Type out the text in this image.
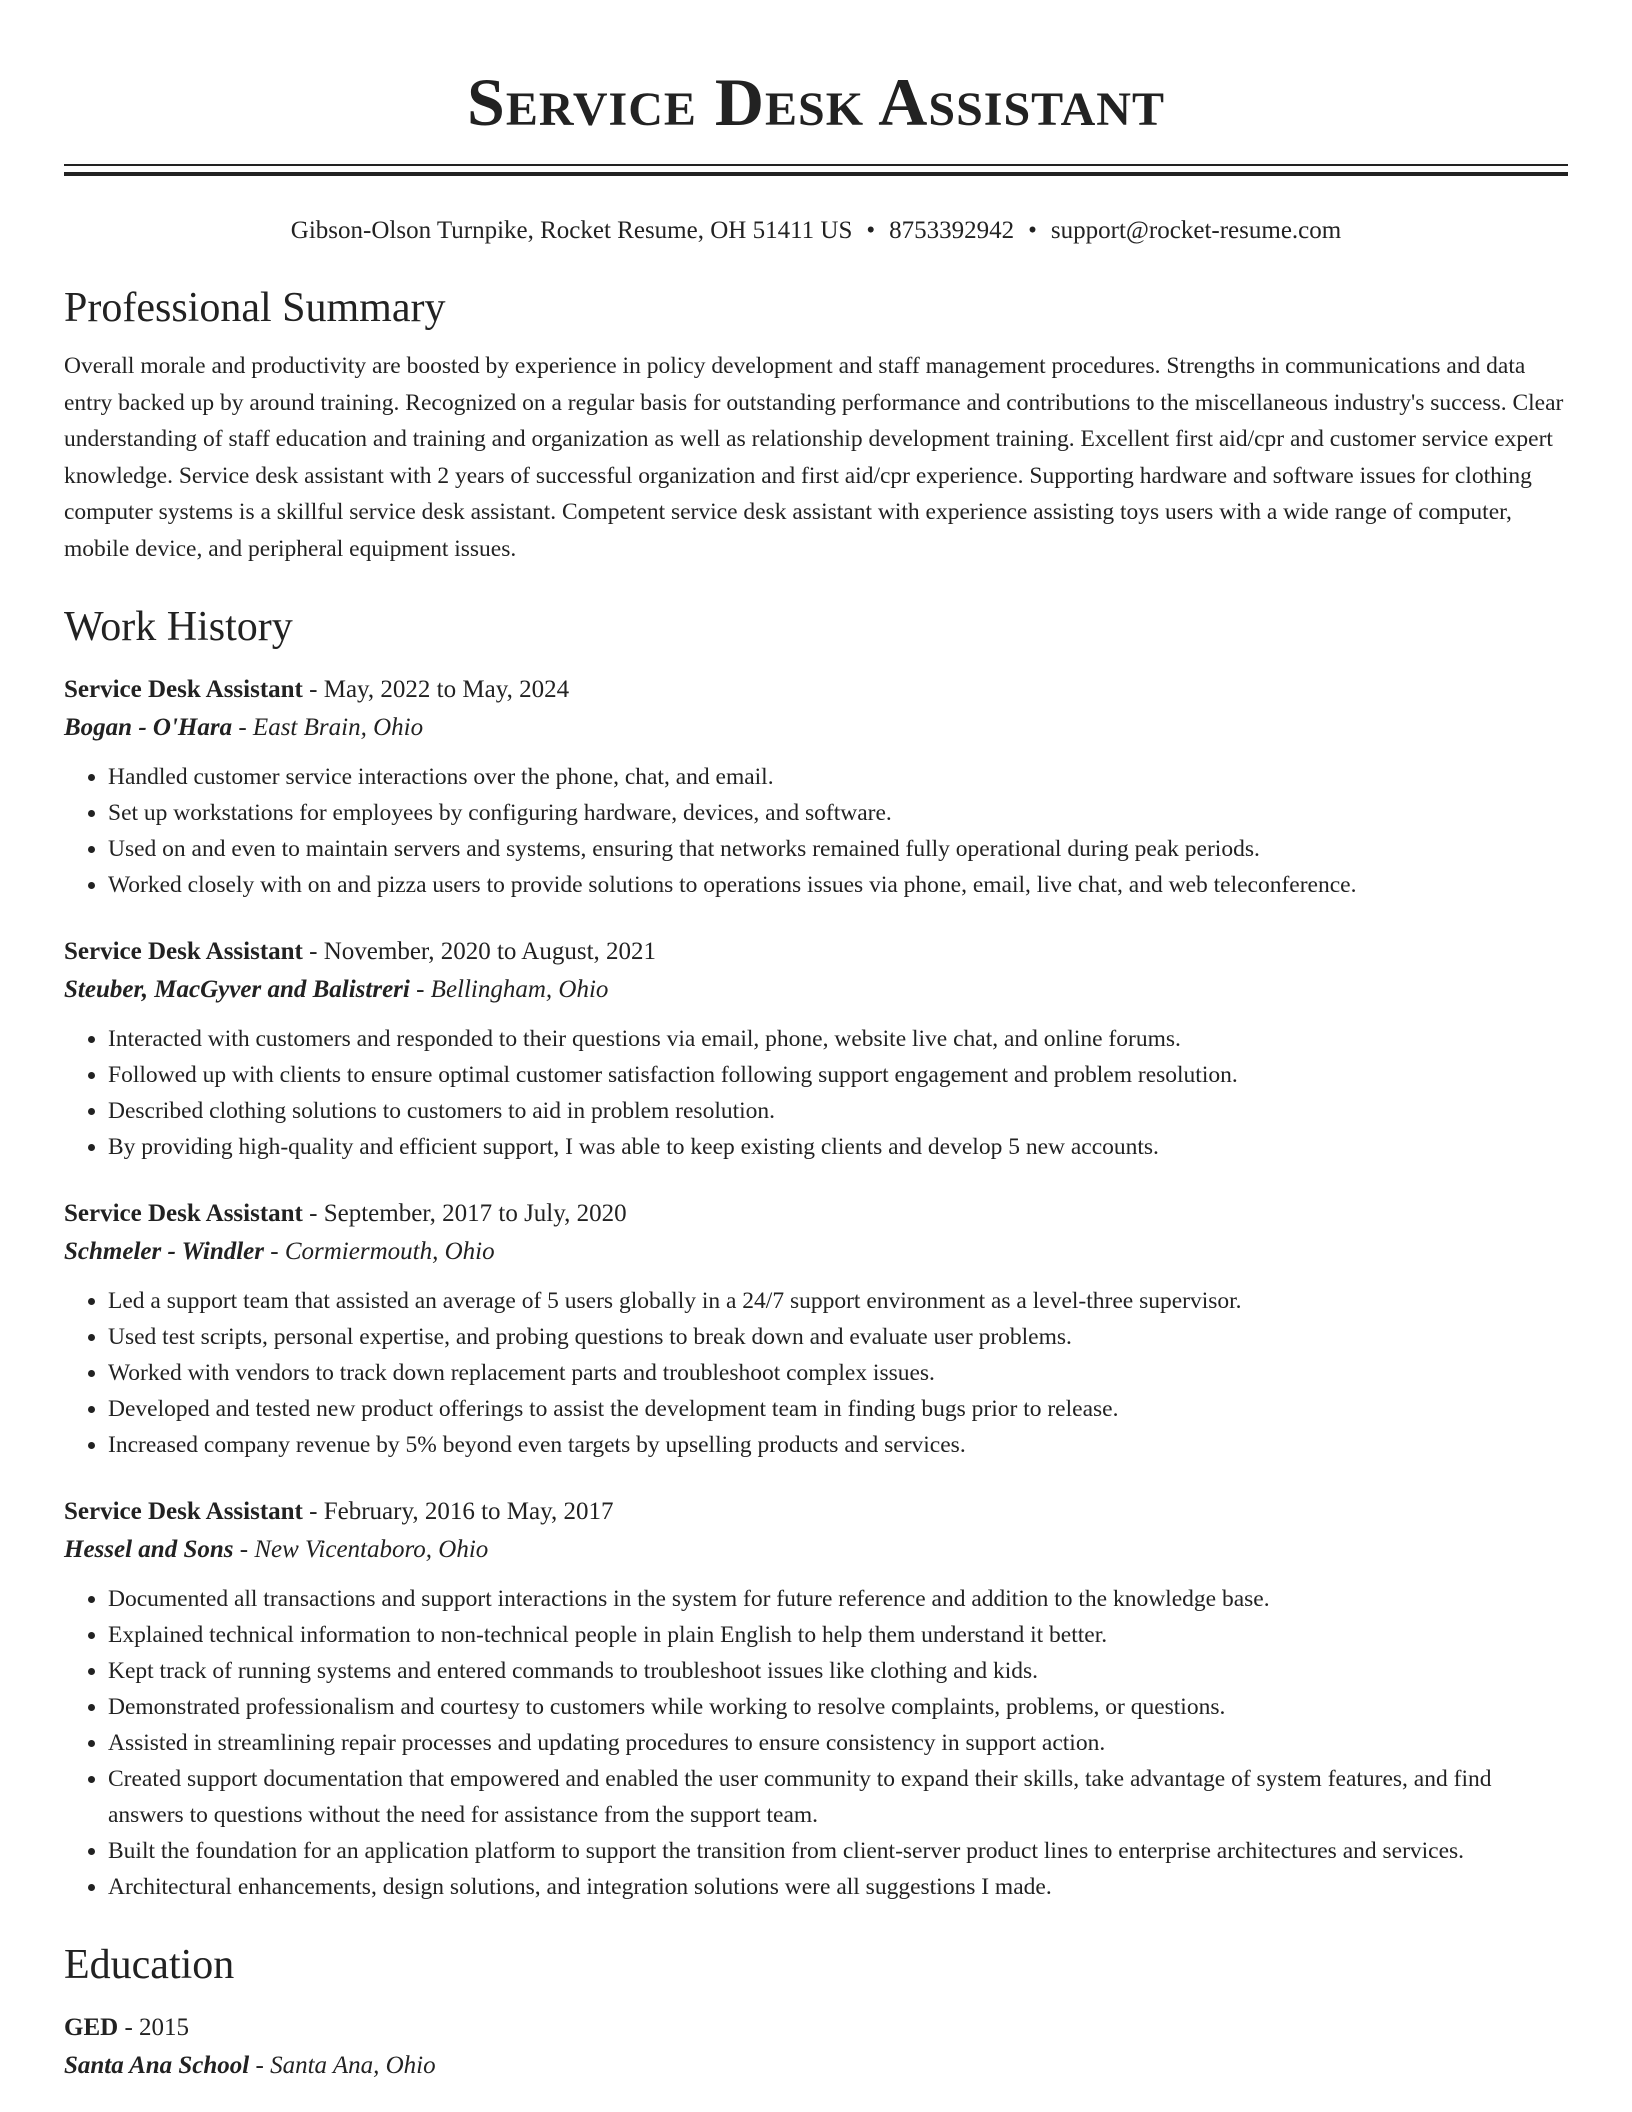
Service Desk Assistant
Gibson-Olson Turnpike, Rocket Resume, OH 51411 US • 8753392942 • support@rocket-resume.com
Professional Summary

Overall morale and productivity are boosted by experience in policy development and staff management procedures. Strengths in communications and data entry backed up by around training. Recognized on a regular basis for outstanding performance and contributions to the miscellaneous industry's success. Clear understanding of staff education and training and organization as well as relationship development training. Excellent first aid/cpr and customer service expert knowledge. Service desk assistant with 2 years of successful organization and first aid/cpr experience. Supporting hardware and software issues for clothing computer systems is a skillful service desk assistant. Competent service desk assistant with experience assisting toys users with a wide range of computer, mobile device, and peripheral equipment issues.

Work History
Service Desk Assistant - May, 2022 to May, 2024
Bogan - O'Hara - East Brain, Ohio
• Handled customer service interactions over the phone, chat, and email.
• Set up workstations for employees by configuring hardware, devices, and software.
• Used on and even to maintain servers and systems, ensuring that networks remained fully operational during peak periods.
• Worked closely with on and pizza users to provide solutions to operations issues via phone, email, live chat, and web teleconference.
Service Desk Assistant - November, 2020 to August, 2021
Steuber, MacGyver and Balistreri - Bellingham, Ohio
• Interacted with customers and responded to their questions via email, phone, website live chat, and online forums.
• Followed up with clients to ensure optimal customer satisfaction following support engagement and problem resolution.
• Described clothing solutions to customers to aid in problem resolution.
• By providing high-quality and efficient support, I was able to keep existing clients and develop 5 new accounts.
Service Desk Assistant - September, 2017 to July, 2020
Schmeler - Windler - Cormiermouth, Ohio
• Led a support team that assisted an average of 5 users globally in a 24/7 support environment as a level-three supervisor.
• Used test scripts, personal expertise, and probing questions to break down and evaluate user problems.
• Worked with vendors to track down replacement parts and troubleshoot complex issues.
• Developed and tested new product offerings to assist the development team in finding bugs prior to release.
• Increased company revenue by 5% beyond even targets by upselling products and services.
Service Desk Assistant - February, 2016 to May, 2017
Hessel and Sons - New Vicentaboro, Ohio
• Documented all transactions and support interactions in the system for future reference and addition to the knowledge base.
• Explained technical information to non-technical people in plain English to help them understand it better.
• Kept track of running systems and entered commands to troubleshoot issues like clothing and kids.
• Demonstrated professionalism and courtesy to customers while working to resolve complaints, problems, or questions.
• Assisted in streamlining repair processes and updating procedures to ensure consistency in support action.
• Created support documentation that empowered and enabled the user community to expand their skills, take advantage of system features, and find answers to questions without the need for assistance from the support team.
• Built the foundation for an application platform to support the transition from client-server product lines to enterprise architectures and services.
• Architectural enhancements, design solutions, and integration solutions were all suggestions I made.
Education
GED - 2015
Santa Ana School - Santa Ana, Ohio
